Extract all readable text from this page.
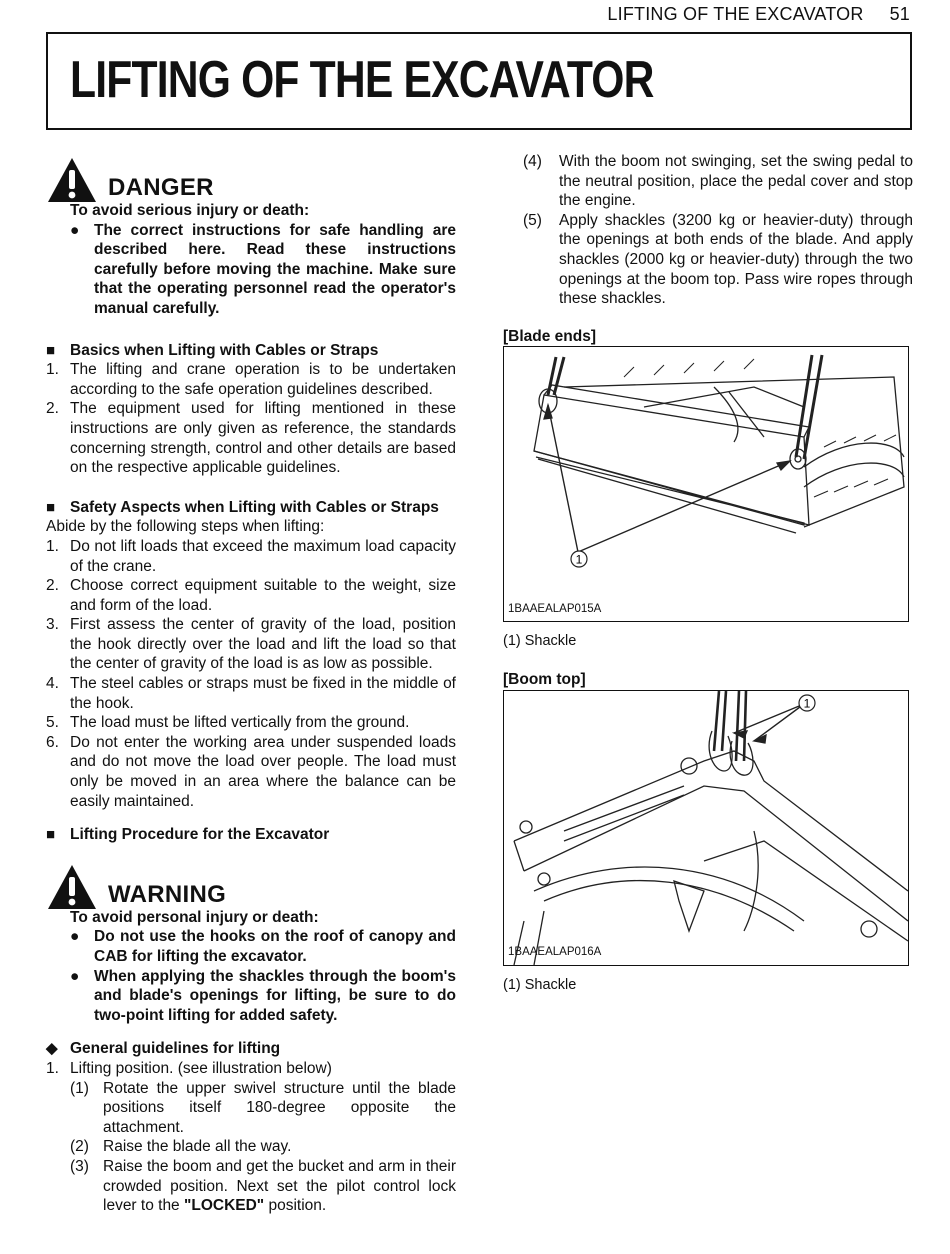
LIFTING OF THE EXCAVATOR 51
LIFTING OF THE EXCAVATOR
DANGER
To avoid serious injury or death:
● The correct instructions for safe handling are described here. Read these instructions carefully before moving the machine. Make sure that the operating personnel read the operator's manual carefully.
■ Basics when Lifting with Cables or Straps
1. The lifting and crane operation is to be undertaken according to the safe operation guidelines described.
2. The equipment used for lifting mentioned in these instructions are only given as reference, the standards concerning strength, control and other details are based on the respective applicable guidelines.
■ Safety Aspects when Lifting with Cables or Straps

Abide by the following steps when lifting:

1. Do not lift loads that exceed the maximum load capacity of the crane.
2. Choose correct equipment suitable to the weight, size and form of the load.
3. First assess the center of gravity of the load, position the hook directly over the load and lift the load so that the center of gravity of the load is as low as possible.
4. The steel cables or straps must be fixed in the middle of the hook.
5. The load must be lifted vertically from the ground.
6. Do not enter the working area under suspended loads and do not move the load over people. The load must only be moved in an area where the balance can be easily maintained.
■ Lifting Procedure for the Excavator
WARNING
To avoid personal injury or death:
● Do not use the hooks on the roof of canopy and CAB for lifting the excavator.
● When applying the shackles through the boom's and blade's openings for lifting, be sure to do two-point lifting for added safety.
◆ General guidelines for lifting
1. Lifting position. (see illustration below)
(1) Rotate the upper swivel structure until the blade positions itself 180-degree opposite the attachment.
(2) Raise the blade all the way.
(3) Raise the boom and get the bucket and arm in their crowded position. Next set the pilot control lock lever to the "LOCKED" position.
(4)	With the boom not swinging, set the swing pedal to the neutral position, place the pedal cover and stop the engine.
(5)	Apply shackles (3200 kg or heavier-duty) through the openings at both ends of the blade. And apply shackles (2000 kg or heavier-duty) through the two openings at the boom top. Pass wire ropes through these shackles.
[Blade ends]
1
1BAAEALAP015A
(1) Shackle
[Boom top]
1
1BAAEALAP016A
(1) Shackle
